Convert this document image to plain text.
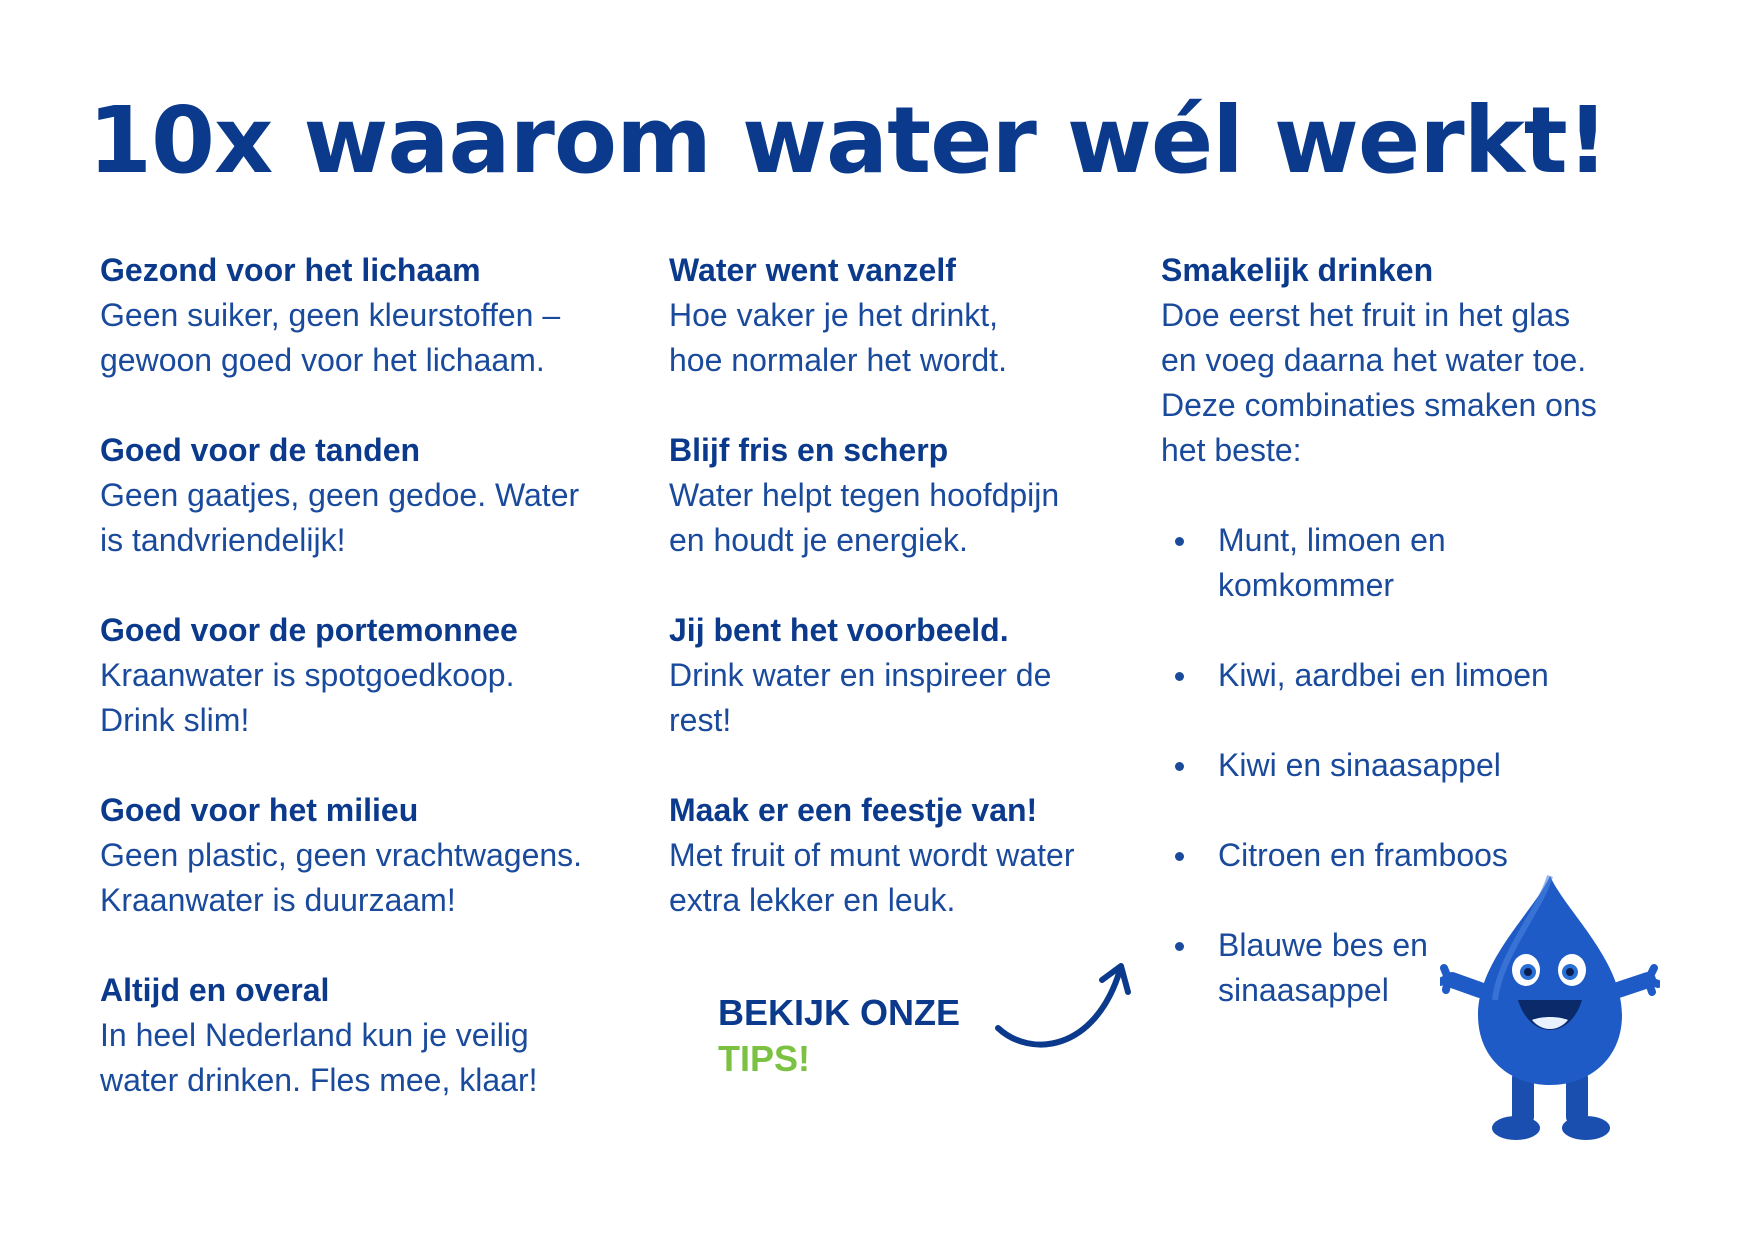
10x waarom water wél werkt!
Gezond voor het lichaam
Geen suiker, geen kleurstoffen –
gewoon goed voor het lichaam.
Goed voor de tanden
Geen gaatjes, geen gedoe. Water
is tandvriendelijk!
Goed voor de portemonnee
Kraanwater is spotgoedkoop.
Drink slim!
Goed voor het milieu
Geen plastic, geen vrachtwagens.
Kraanwater is duurzaam!
Altijd en overal
In heel Nederland kun je veilig
water drinken. Fles mee, klaar!
Water went vanzelf
Hoe vaker je het drinkt,
hoe normaler het wordt.
Blijf fris en scherp
Water helpt tegen hoofdpijn
en houdt je energiek.
Jij bent het voorbeeld.
Drink water en inspireer de
rest!
Maak er een feestje van!
Met fruit of munt wordt water
extra lekker en leuk.
Smakelijk drinken
Doe eerst het fruit in het glas
en voeg daarna het water toe.
Deze combinaties smaken ons
het beste:
Munt, limoen en
komkommer
Kiwi, aardbei en limoen
Kiwi en sinaasappel
Citroen en framboos
Blauwe bes en
sinaasappel
BEKIJK ONZE
TIPS!
